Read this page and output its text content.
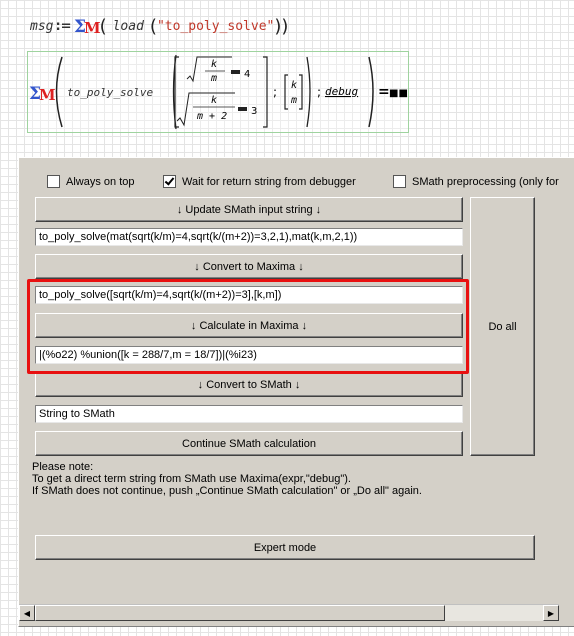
msg := Σ
M ( load ( "to_poly_solve" ))
Σ
M to_poly_solve
k
m	4
k
m + 2 3
; k
m
; debug = ■■
Always on top	Wait for return string from debugger	SMath preprocessing (only for
↓ Update SMath input string ↓
to_poly_solve(mat(sqrt(k/m)=4,sqrt(k/(m+2))=3,2,1),mat(k,m,2,1))
↓ Convert to Maxima ↓
to_poly_solve([sqrt(k/m)=4,sqrt(k/(m+2))=3],[k,m])
↓ Calculate in Maxima ↓
|(%o22) %union([k = 288/7,m = 18/7])|(%i23)
↓ Convert to SMath ↓
String to SMath
Continue SMath calculation
Do all
Please note:
To get a direct term string from SMath use Maxima(expr,"debug").
If SMath does not continue, push „Continue SMath calculation" or „Do all" again.
Expert mode
◀	▶
